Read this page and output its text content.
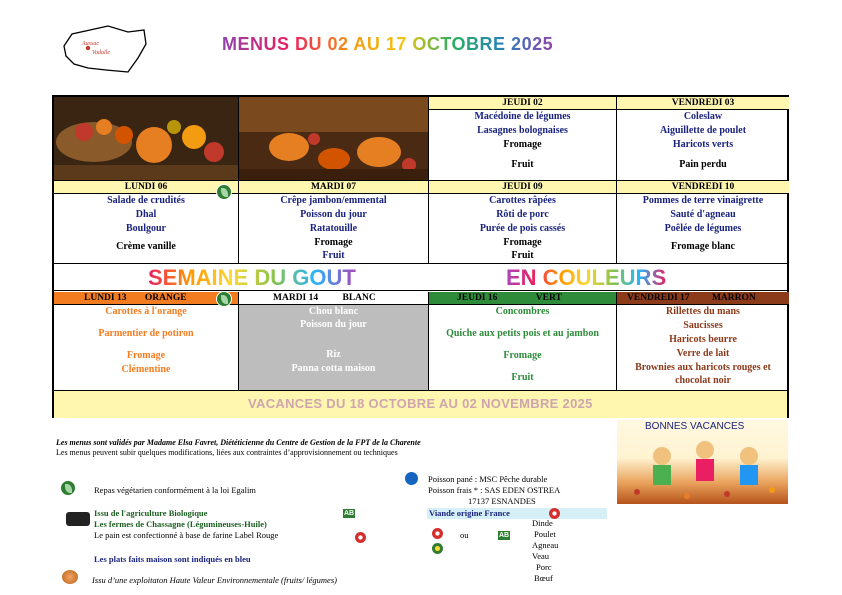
Aussac
Vadalle	MENUS DU 02 AU 17 OCTOBRE 2025
JEUDI 02
Macédoine de légumes
Lasagnes bolognaises
Fromage
Fruit
VENDREDI 03
Coleslaw
Aiguillette de poulet
Haricots verts
Pain perdu
LUNDI 06
Salade de crudités
Dhal
Boulgour
Crème vanille
MARDI 07
Crêpe jambon/emmental
Poisson du jour
Ratatouille
Fromage
Fruit
JEUDI 09
Carottes râpées
Rôti de porc
Purée de pois cassés
Fromage
Fruit
VENDREDI 10
Pommes de terre vinaigrette
Sauté d'agneau
Poêlée de légumes
Fromage blanc
SEMAINE DU GOUT	EN COULEURS
LUNDI 13 ORANGE
Carottes à l'orange
Parmentier de potiron
Fromage
Clémentine
MARDI 14	BLANC
Chou blanc
Poisson du jour
Riz
Panna cotta maison
JEUDI 16	VERT
Concombres
Quiche aux petits pois et au jambon
Fromage
Fruit
VENDREDI 17 MARRON
Rillettes du mans
Saucisses
Haricots beurre
Verre de lait
Brownies aux haricots rouges et
chocolat noir
VACANCES DU 18 OCTOBRE AU 02 NOVEMBRE 2025
Les menus sont validés par Madame Elsa Favret, Diététicienne du Centre de Gestion de la FPT de la Charente
Les menus peuvent subir quelques modifications, liées aux contraintes d’approvisionnement ou techniques
BONNES VACANCES
Repas végétarien conformément à la loi Egalim
Issu de l'agriculture Biologique
Les fermes de Chassagne (Légumineuses-Huile)
Le pain est confectionné à base de farine Label Rouge
AB
Les plats faits maison sont indiqués en bleu
Issu d’une exploitaton Haute Valeur Environnementale (fruits/ légumes)
Poisson pané : MSC Pêche durable
Poisson frais * : SAS EDEN OSTREA
17137 ESNANDES
Viande origine France
ou	AB
Dinde
Poulet
Agneau
Veau
Porc
Bœuf
